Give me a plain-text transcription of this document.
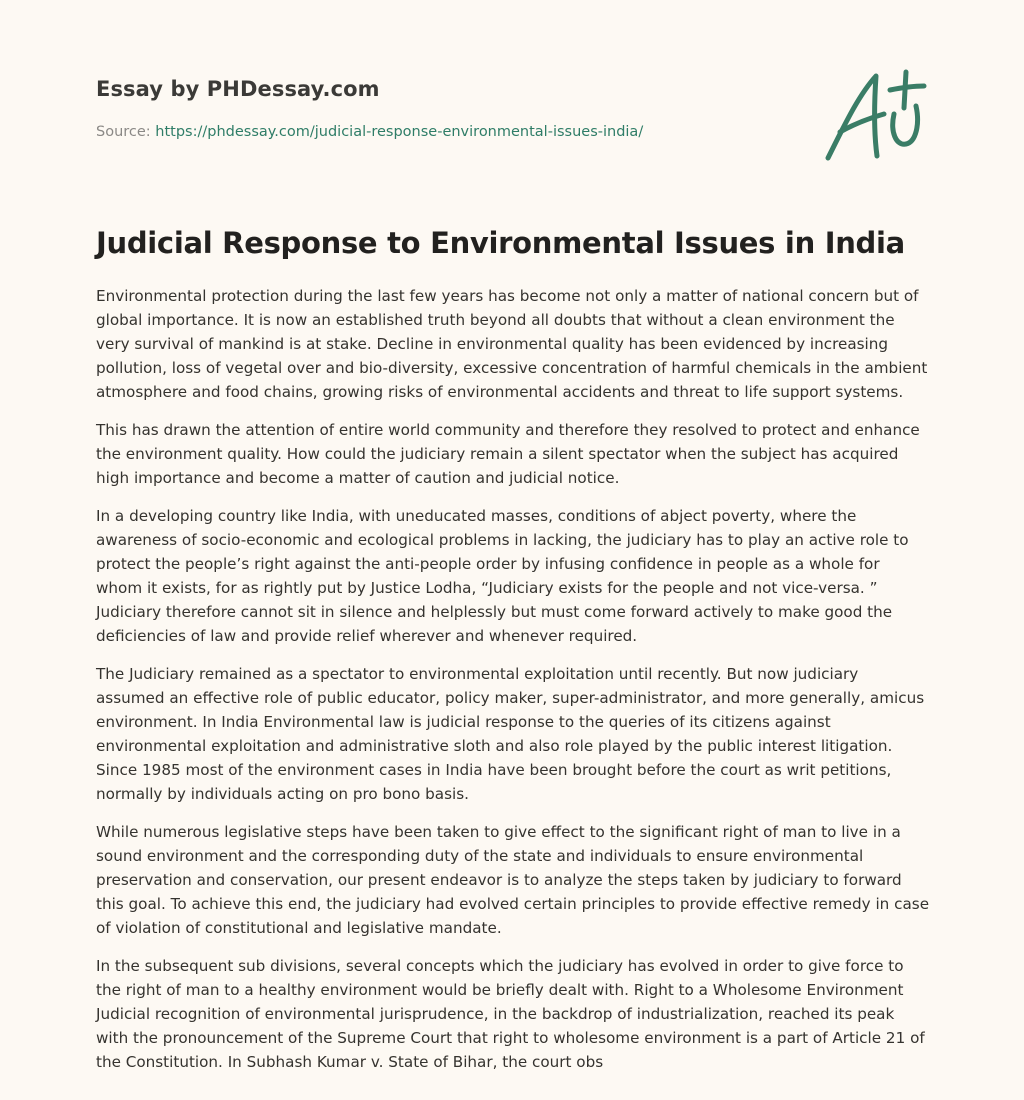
Essay by PHDessay.com
Source: https://phdessay.com/judicial-response-environmental-issues-india/
Judicial Response to Environmental Issues in India

Environmental protection during the last few years has become not only a matter of national concern but of global importance. It is now an established truth beyond all doubts that without a clean environment the very survival of mankind is at stake. Decline in environmental quality has been evidenced by increasing pollution, loss of vegetal over and bio-diversity, excessive concentration of harmful chemicals in the ambient atmosphere and food chains, growing risks of environmental accidents and threat to life support systems.

This has drawn the attention of entire world community and therefore they resolved to protect and enhance the environment quality. How could the judiciary remain a silent spectator when the subject has acquired high importance and become a matter of caution and judicial notice.

In a developing country like India, with uneducated masses, conditions of abject poverty, where the awareness of socio-economic and ecological problems in lacking, the judiciary has to play an active role to protect the people’s right against the anti-people order by infusing confidence in people as a whole for whom it exists, for as rightly put by Justice Lodha, “Judiciary exists for the people and not vice-versa. ” Judiciary therefore cannot sit in silence and helplessly but must come forward actively to make good the deficiencies of law and provide relief wherever and whenever required.

The Judiciary remained as a spectator to environmental exploitation until recently. But now judiciary assumed an effective role of public educator, policy maker, super-administrator, and more generally, amicus environment. In India Environmental law is judicial response to the queries of its citizens against environmental exploitation and administrative sloth and also role played by the public interest litigation. Since 1985 most of the environment cases in India have been brought before the court as writ petitions, normally by individuals acting on pro bono basis.

While numerous legislative steps have been taken to give effect to the significant right of man to live in a sound environment and the corresponding duty of the state and individuals to ensure environmental preservation and conservation, our present endeavor is to analyze the steps taken by judiciary to forward this goal. To achieve this end, the judiciary had evolved certain principles to provide effective remedy in case of violation of constitutional and legislative mandate.

In the subsequent sub divisions, several concepts which the judiciary has evolved in order to give force to the right of man to a healthy environment would be briefly dealt with. Right to a Wholesome Environment Judicial recognition of environmental jurisprudence, in the backdrop of industrialization, reached its peak with the pronouncement of the Supreme Court that right to wholesome environment is a part of Article 21 of the Constitution. In Subhash Kumar v. State of Bihar, the court obs
